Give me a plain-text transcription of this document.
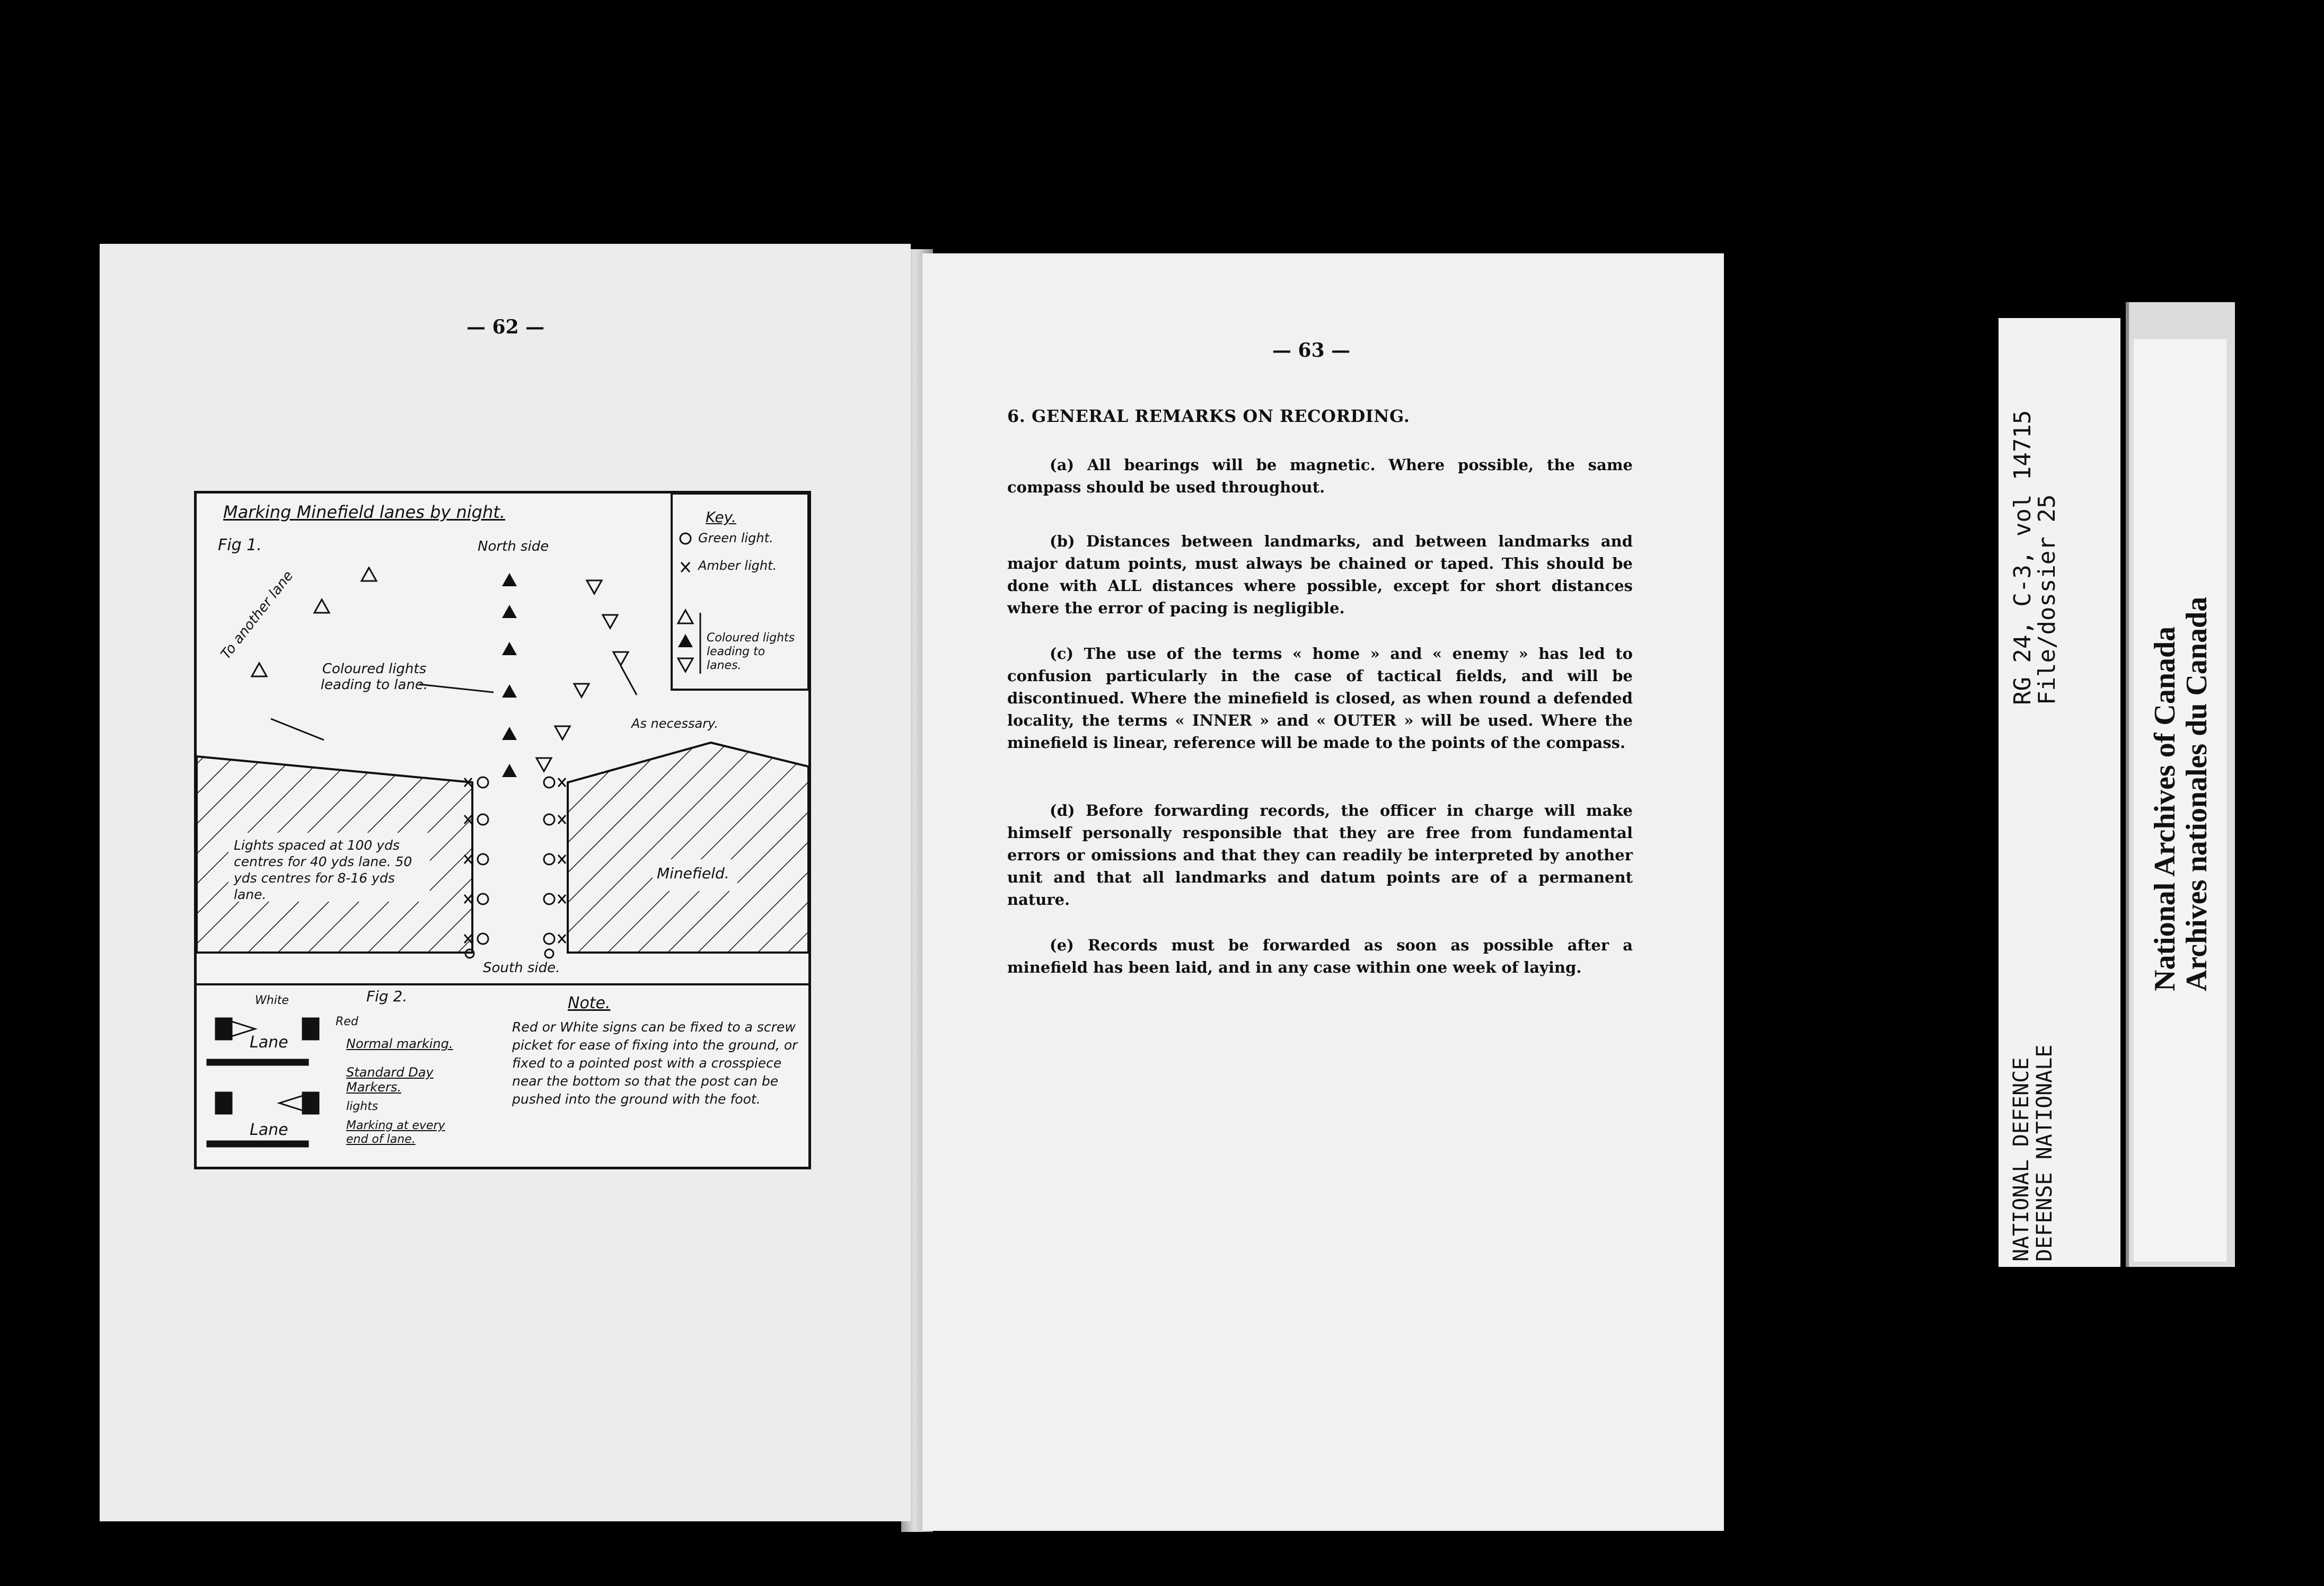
— 62 —
Lane
Lane
Marking Minefield lanes by night.
Fig 1.	North side
To another lane
Coloured lights leading to lane.
As necessary.
Key.
Green light.
Amber light.
Coloured lights leading to lanes.
Lights spaced at 100 yds centres for 40 yds lane. 50 yds centres for 8-16 yds lane.
Minefield.
South side.
Fig 2.
White
Red
Normal marking.
Standard Day Markers.
lights
Marking at every end of lane.
Note.
Red or White signs can be fixed to a screw picket for ease of fixing into the ground, or fixed to a pointed post with a crosspiece near the bottom so that the post can be pushed into the ground with the foot.
— 63 —
6. GENERAL REMARKS ON RECORDING.
(a) All bearings will be magnetic. Where possible, the same compass should be used throughout.
(b) Distances between landmarks, and between landmarks and major datum points, must always be chained or taped. This should be done with ALL distances where possible, except for short distances where the error of pacing is negligible.
(c) The use of the terms « home » and « enemy » has led to confusion particularly in the case of tactical fields, and will be discontinued. Where the minefield is closed, as when round a defended locality, the terms « INNER » and « OUTER » will be used. Where the minefield is linear, reference will be made to the points of the compass.
(d) Before forwarding records, the officer in charge will make himself personally responsible that they are free from fundamental errors or omissions and that they can readily be interpreted by another unit and that all landmarks and datum points are of a permanent nature.
(e) Records must be forwarded as soon as possible after a minefield has been laid, and in any case within one week of laying.
RG 24, C-3, vol 14715
File/dossier 25
NATIONAL DEFENCE
DEFENSE NATIONALE
National Archives of Canada
Archives nationales du Canada
